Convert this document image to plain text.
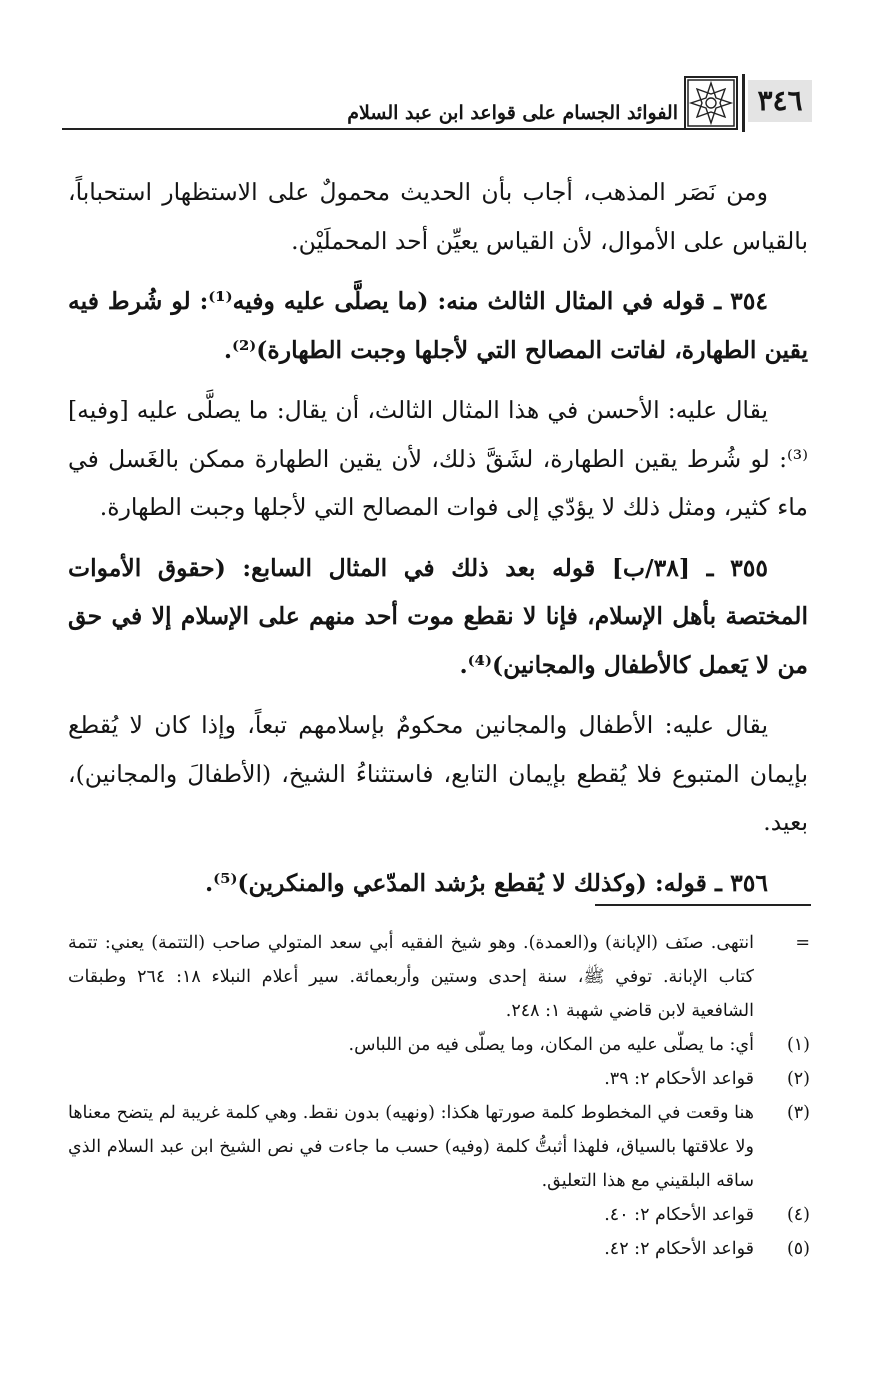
٣٤٦
الفوائد الجسام على قواعد ابن عبد السلام

ومن نَصَر المذهب، أجاب بأن الحديث محمولٌ على الاستظهار استحباباً، بالقياس على الأموال، لأن القياس يعيِّن أحد المحملَيْن.

٣٥٤ ـ قوله في المثال الثالث منه: (ما يصلَّى عليه وفيه⁽¹⁾: لو شُرط فيه يقين الطهارة، لفاتت المصالح التي لأجلها وجبت الطهارة)⁽²⁾.

يقال عليه: الأحسن في هذا المثال الثالث، أن يقال: ما يصلَّى عليه [وفيه]⁽³⁾: لو شُرط يقين الطهارة، لشَقَّ ذلك، لأن يقين الطهارة ممكن بالغَسل في ماء كثير، ومثل ذلك لا يؤدّي إلى فوات المصالح التي لأجلها وجبت الطهارة.

٣٥٥ ـ [٣٨/ب] قوله بعد ذلك في المثال السابع: (حقوق الأموات المختصة بأهل الإسلام، فإنا لا نقطع موت أحد منهم على الإسلام إلا في حق من لا يَعمل كالأطفال والمجانين)⁽⁴⁾.

يقال عليه: الأطفال والمجانين محكومٌ بإسلامهم تبعاً، وإذا كان لا يُقطع بإيمان المتبوع فلا يُقطع بإيمان التابع، فاستثناءُ الشيخ، (الأطفالَ والمجانين)، بعيد.

٣٥٦ ـ قوله: (وكذلك لا يُقطع برُشد المدّعي والمنكرين)⁽⁵⁾.

=
انتهى. صنَف (الإبانة) و(العمدة). وهو شيخ الفقيه أبي سعد المتولي صاحب (التتمة) يعني: تتمة كتاب الإبانة. توفي ﷺ، سنة إحدى وستين وأربعمائة. سير أعلام النبلاء ١٨: ٢٦٤ وطبقات الشافعية لابن قاضي شهبة ١: ٢٤٨.
(١)
أي: ما يصلّى عليه من المكان، وما يصلّى فيه من اللباس.
(٢)
قواعد الأحكام ٢: ٣٩.
(٣)
هنا وقعت في المخطوط كلمة صورتها هكذا: (ونهيه) بدون نقط. وهي كلمة غريبة لم يتضح معناها ولا علاقتها بالسياق، فلهذا أثبتُّ كلمة (وفيه) حسب ما جاءت في نص الشيخ ابن عبد السلام الذي ساقه البلقيني مع هذا التعليق.
(٤)
قواعد الأحكام ٢: ٤٠.
(٥)
قواعد الأحكام ٢: ٤٢.
